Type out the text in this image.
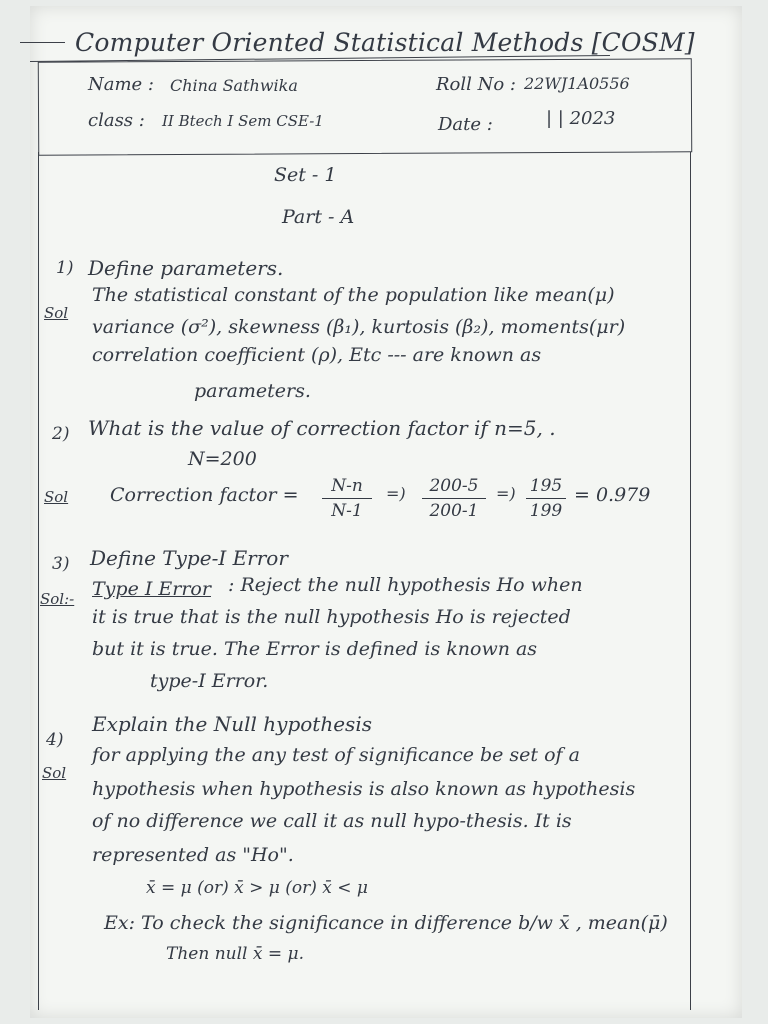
Computer Oriented Statistical Methods [COSM]
Name : China Sathwika	Roll No : 22WJ1A0556
class : II Btech I Sem CSE-1	Date :	| | 2023
Set - 1
Part - A
1)
Sol
Define parameters.
The statistical constant of the population like mean(μ)
variance (σ²), skewness (β₁), kurtosis (β₂), moments(μr)
correlation coefficient (ρ), Etc --- are known as
parameters.
2) What is the value of correction factor if n=5, .
N=200
Sol Correction factor = N-n
N-1
=) 200-5
200-1
=) 195
199
= 0.979
3)
Sol:-
Define Type-I Error
Type I Error : Reject the null hypothesis Ho when
it is true that is the null hypothesis Ho is rejected
but it is true. The Error is defined is known as
type-I Error.
4)
Sol
Explain the Null hypothesis
for applying the any test of significance be set of a
hypothesis when hypothesis is also known as hypothesis
of no difference we call it as null hypo-thesis. It is
represented as "Ho".
x̄ = μ (or) x̄ > μ (or) x̄ < μ
Ex: To check the significance in difference b/w x̄ , mean(μ̄)
Then null x̄ = μ.
